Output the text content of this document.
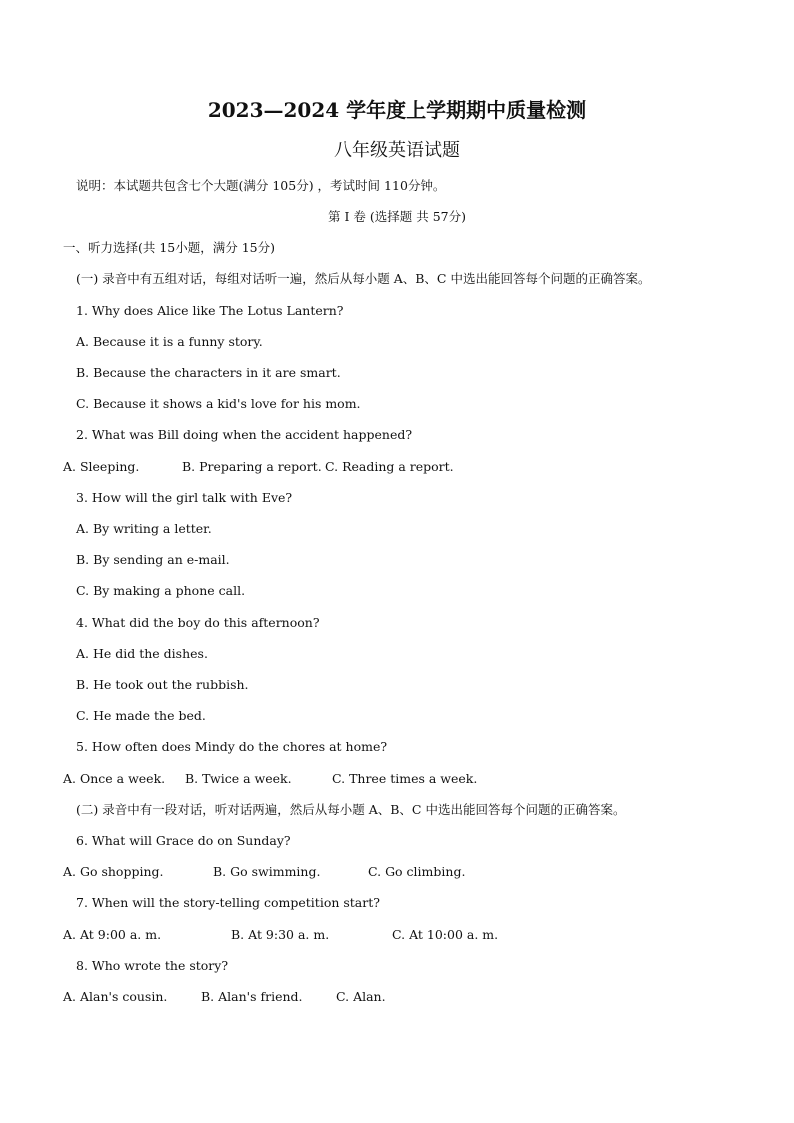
2023—2024 学年度上学期期中质量检测
八年级英语试题
说明：本试题共包含七个大题(满分 105分) ，考试时间 110分钟。
第 I 卷 (选择题 共 57分)
一、听力选择(共 15小题，满分 15分)
(一) 录音中有五组对话，每组对话听一遍，然后从每小题 A、B、C 中选出能回答每个问题的正确答案。
1. Why does Alice like The Lotus Lantern?
A. Because it is a funny story.
B. Because the characters in it are smart.
C. Because it shows a kid's love for his mom.
2. What was Bill doing when the accident happened?
A. Sleeping.	B. Preparing a report. C. Reading a report.
3. How will the girl talk with Eve?
A. By writing a letter.
B. By sending an e-mail.
C. By making a phone call.
4. What did the boy do this afternoon?
A. He did the dishes.
B. He took out the rubbish.
C. He made the bed.
5. How often does Mindy do the chores at home?
A. Once a week. B. Twice a week.	C. Three times a week.
(二) 录音中有一段对话，听对话两遍，然后从每小题 A、B、C 中选出能回答每个问题的正确答案。
6. What will Grace do on Sunday?
A. Go shopping.	B. Go swimming.	C. Go climbing.
7. When will the story-telling competition start?
A. At 9:00 a. m.	B. At 9:30 a. m.	C. At 10:00 a. m.
8. Who wrote the story?
A. Alan's cousin.	B. Alan's friend.	C. Alan.
